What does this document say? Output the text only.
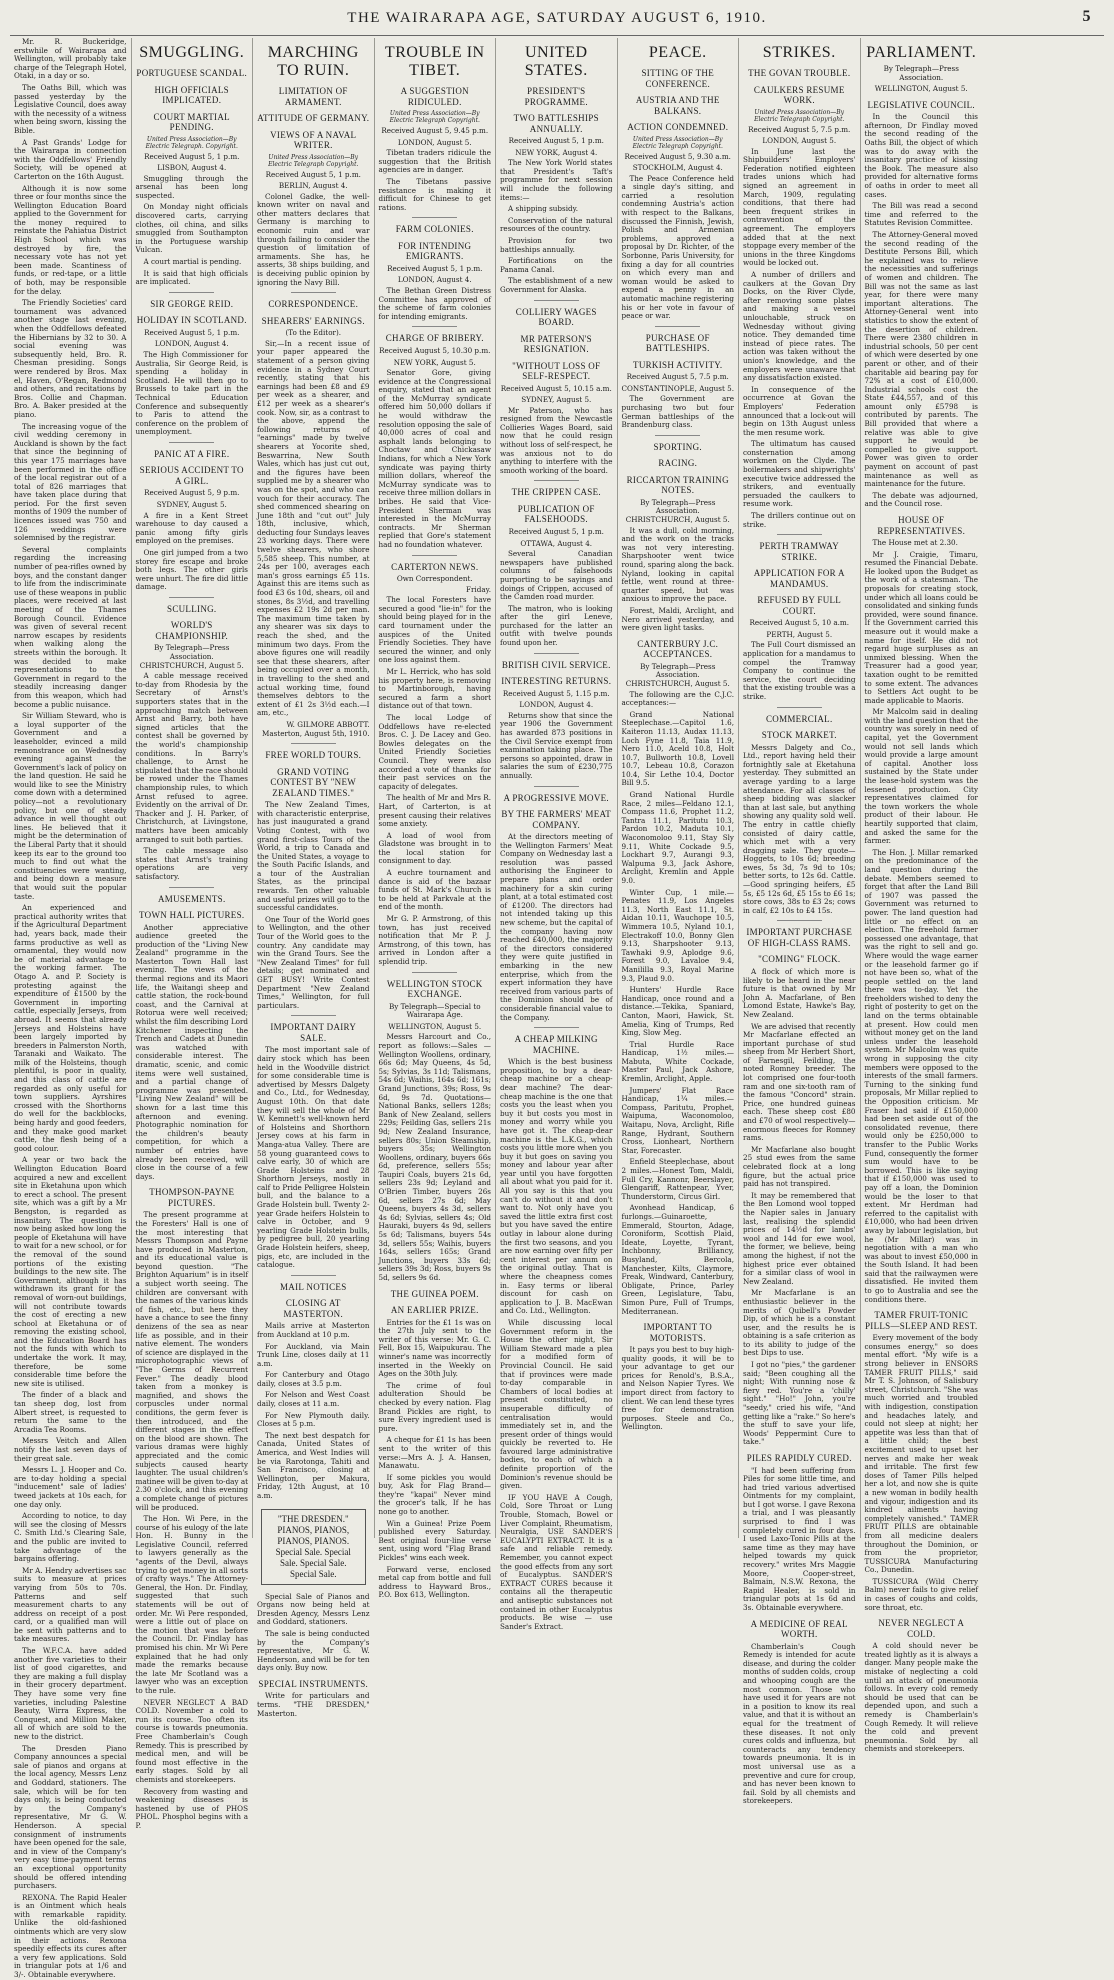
THE WAIRARAPA AGE, SATURDAY AUGUST 6, 1910.	5
Mr. R. Buckeridge, erstwhile of Wairarapa and Wellington, will probably take charge of the Telegraph Hotel, Otaki, in a day or so.
The Oaths Bill, which was passed yesterday by the Legislative Council, does away with the necessity of a witness when being sworn, kissing the Bible.
A Past Grands' Lodge for the Wairarapa in connection with the Oddfellows' Friendly Society, will be opened at Carterton on the 16th August.
Although it is now some three or four months since the Wellington Education Board applied to the Government for the money required to reinstate the Pahiatua District High School which was destroyed by fire, the necessary vote has not yet been made. Scantiness of funds, or red-tape, or a little of both, may be responsible for the delay.
The Friendly Societies' card tournament was advanced another stage last evening, when the Oddfellows defeated the Hibernians by 32 to 30. A social evening was subsequently held, Bro. R. Chesman presiding. Songs were rendered by Bros. Max el, Haven, O'Regan, Redmond and others, and recitations by Bros. Collie and Chapman. Bro. A. Baker presided at the piano.
The increasing vogue of the civil wedding ceremony in Auckland is shown by the fact that since the beginning of this year 175 marriages have been performed in the office of the local registrar out of a total of 826 marriages that have taken place during that period. For the first seven months of 1909 the number of licences issued was 750 and 126 weddings were solemnised by the registrar.
Several complaints regarding the increasing number of pea-rifles owned by boys, and the constant danger to life from the indiscriminate use of these weapons in public places, were received at last meeting of the Thames Borough Council. Evidence was given of several recent narrow escapes by residents when walking along the streets within the borough. It was decided to make representations to the Government in regard to the steadily increasing danger from this weapon, which had become a public nuisance.
Sir William Steward, who is a loyal supporter of the Government and a leaseholder, evinced a mild remonstrance on Wednesday evening against the Government's lack of policy on the land question. He said he would like to see the Ministry come down with a determined policy—not a revolutionary policy, but one of steady advance in well thought out lines. He believed that it might be the determination of the Liberal Party that it should keep its ear to the ground too much to find out what the constituencies were wanting, and being down a measure that would suit the popular taste.
An experienced and practical authority writes that if the Agricultural Department had, years back, made their farms productive as well as ornamental, they would now be of material advantage to the working farmer. The Otago A. and P. Society is protesting against the expenditure of £1500 by the Government in importing cattle, especially Jerseys, from abroad. It seems that already Jerseys and Holsteins have been largely imported by breeders in Palmerston North, Taranaki and Waikato. The milk of the Holsteins, though plentiful, is poor in quality, and this class of cattle are regarded as only useful for town suppliers. Ayrshires crossed with the Shorthorns do well for the backblocks, being hardy and good feeders, and they make good market cattle, the flesh being of a good colour.
A year or two back the Wellington Education Board acquired a new and excellent site in Eketahuna upon which to erect a school. The present site, which was a gift by a Mr Bengston, is regarded as insanitary. The question is now being asked how long the people of Eketahuna will have to wait for a new school, or for the removal of the sound portions of the existing buildings to the new site. The Government, although it has withdrawn its grant for the removal of worn-out buildings, will not contribute towards the cost of erecting a new school at Eketahuna or of removing the existing school, and the Education Board has not the funds with which to undertake the work. It may, therefore, be some considerable time before the new site is utilised.
The finder of a black and tan sheep dog, lost from Albert street, is requested to return the same to the Arcadia Tea Rooms.
Messrs Veitch and Allen notify the last seven days of their great sale.
Messrs L. J. Hooper and Co. are to-day holding a special "inducement" sale of ladies' tweed jackets at 10s each, for one day only.
According to notice, to day will see the closing of Messrs C. Smith Ltd.'s Clearing Sale, and the public are invited to take advantage of the bargains offering.
Mr A. Hendry advertises sac suits to measure at prices varying from 50s to 70s. Patterns and self measurement charts to any address on receipt of a post card, or a qualified man will be sent with patterns and to take measures.
The W.F.C.A. have added another five varieties to their list of good cigarettes, and they are making a full display in their grocery department. They have some very fine varieties, including Palestine Beauty, Wirra Express, the Conquest, and Million Maker, all of which are sold to the new to the district.
The Dresden Piano Company announces a special sale of pianos and organs at the local agency, Messrs Lenz and Goddard, stationers. The sale, which will be for ten days only, is being conducted by the Company's representative, Mr G. W. Henderson. A special consignment of instruments have been opened for the sale, and in view of the Company's very easy time-payment terms an exceptional opportunity should be offered intending purchasers.
REXONA. The Rapid Healer is an Ointment which heals with remarkable rapidity. Unlike the old-fashioned ointments which are very slow in their actions. Rexona speedily effects its cures after a very few applications. Sold in triangular pots at 1/6 and 3/-. Obtainable everywhere.
SMUGGLING.
PORTUGUESE SCANDAL.
HIGH OFFICIALS IMPLICATED.
COURT MARTIAL PENDING.
United Press Association—By Electric Telegraph. Copyright.
Received August 5, 1 p.m.
LISBON, August 4.
Smuggling through the arsenal has been long suspected.
On Monday night officials discovered carts, carrying clothes, oil china, and silks smuggled from Southampton in the Portuguese warship Vulcan.
A court martial is pending.
It is said that high officials are implicated.
SIR GEORGE REID.
HOLIDAY IN SCOTLAND.
Received August 5, 1 p.m.
LONDON, August 4.
The High Commissioner for Australia, Sir George Reid, is spending a holiday in Scotland. He will then go to Brussels to take part in the Technical Education Conference and subsequently to Paris to attend the conference on the problem of unemployment.
PANIC AT A FIRE.
SERIOUS ACCIDENT TO A GIRL.
Received August 5, 9 p.m.
SYDNEY, August 5.
A fire in a Kent Street warehouse to day caused a panic among fifty girls employed on the premises.
One girl jumped from a two storey fire escape and broke both legs. The other girls were unhurt. The fire did little damage.
SCULLING.
WORLD'S CHAMPIONSHIP.
By Telegraph—Press Association. CHRISTCHURCH, August 5.
A cable message received to-day from Rhodesia by the Secretary of Arnst's supporters states that in the approaching match between Arnst and Barry, both have signed articles that the contest shall be governed by the world's championship conditions. In Barry's challenge, to Arnst he stipulated that the race should be rowed under the Thames championship rules, to which Arnst refused to agree. Evidently on the arrival of Dr. Thacker and J. H. Parker, of Christchurch, at Livingstone, matters have been amicably arranged to suit both parties.
The cable message also states that Arnst's training operations are very satisfactory.
AMUSEMENTS.
TOWN HALL PICTURES.
Another appreciative audience greeted the production of the "Living New Zealand" programme in the Masterton Town Hall last evening. The views of the thermal regions and its Maori life, the Waitangi sheep and cattle station, the rock-bound coast, and the Carnival at Rotorua were well received; whilst the film describing Lord Kitchener inspecting the Trench and Cadets at Dunedin was watched with considerable interest. The dramatic, scenic, and comic items were well sustained, and a partial change of programme was presented. "Living New Zealand" will be shown for a last time this afternoon and evening. Photographic nomination for the children's beauty competition, for which a number of entries have already been received, will close in the course of a few days.
THOMPSON-PAYNE PICTURES.
The present programme at the Foresters' Hall is one of the most interesting that Messrs Thompson and Payne have produced in Masterton, and its educational value is beyond question. "The Brighton Aquarium" is in itself a subject worth seeing. The children are conversant with the names of the various kinds of fish, etc., but here they have a chance to see the finny denizens of the sea as near life as possible, and in their native element. The wonders of science are displayed in the microphotographic views of "The Germs of Recurrent Fever." The deadly blood taken from a monkey is magnified, and shows the corpuscles under normal conditions, the germ fever is then introduced, and the different stages in the effect on the blood are shown. The various dramas were highly appreciated and the comic subjects caused hearty laughter. The usual children's matinee will be given to-day at 2.30 o'clock, and this evening a complete change of pictures will be produced.
The Hon. Wi Pere, in the course of his eulogy of the late Hon. H. Bunny in the Legislative Council, referred to lawyers generally as the "agents of the Devil, always trying to get money in all sorts of crafty ways." The Attorney-General, the Hon. Dr. Findlay, suggested that such statements will be out of order. Mr. Wi Pere responded, were a little out of place on the motion that was before the Council. Dr. Findlay has promised his chin. Mr Wi Pere explained that he had only made the remarks because the late Mr Scotland was a lawyer who was an exception to the rule.
NEVER NEGLECT A BAD COLD. November a cold to run its course. Too often its course is towards pneumonia. Free Chamberlain's Cough Remedy. This is prescribed by medical men, and will be found most effective in the early stages. Sold by all chemists and storekeepers.
Recovery from wasting and weakening diseases is hastened by use of PHOS PHOL. Phosphol begins with a P.
MARCHING TO RUIN.
LIMITATION OF ARMAMENT.
ATTITUDE OF GERMANY.
VIEWS OF A NAVAL WRITER.
United Press Association—By Electric Telegraph Copyright.
Received August 5, 1 p.m.
BERLIN, August 4.
Colonel Gadke, the well-known writer on naval and other matters declares that Germany is marching to economic ruin and war through failing to consider the question of limitation of armaments. She has, he asserts, 38 ships building, and is deceiving public opinion by ignoring the Navy Bill.
CORRESPONDENCE.
SHEARERS' EARNINGS.
(To the Editor).
Sir,—In a recent issue of your paper appeared the statement of a person giving evidence in a Sydney Court recently, stating that his earnings had been £8 and £9 per week as a shearer, and £12 per week as a shearer's cook. Now, sir, as a contrast to the above, append the following returns of "earnings" made by twelve shearers at Yocorite shed, Beswarrina, New South Wales, which has just cut out, and the figures have been supplied me by a shearer who was on the spot, and who can vouch for their accuracy. The shed commenced shearing on June 18th and "cut out" July 18th, inclusive, which, deducting four Sundays leaves 23 working days. There were twelve shearers, who shore 5,585 sheep. This number, at 24s per 100, averages each man's gross earnings £5 11s. Against this are items such as food £3 6s 10d, shears, oil and stones, 8s 3½d, and travelling expenses £2 19s 2d per man. The maximum time taken by any shearer was six days to reach the shed, and the minimum two days. From the above figures one will readily see that these shearers, after being occupied over a month, in travelling to the shed and actual working time, found themselves debtors to the extent of £1 2s 3½d each.—I am, etc.,
W. GILMORE ABBOTT. Masterton, August 5th, 1910.
FREE WORLD TOURS.
GRAND VOTING CONTEST BY "NEW ZEALAND TIMES."
The New Zealand Times, with characteristic enterprise, has just inaugurated a grand Voting Contest, with two grand first-class Tours of the World, a trip to Canada and the United States, a voyage to the South Pacific Islands, and a tour of the Australian States, as the principal rewards. Ten other valuable and useful prizes will go to the successful candidates.
One Tour of the World goes to Wellington, and the other Tour of the World goes to the country. Any candidate may win the Grand Tours. See the "New Zealand Times" for full details; get nominated and GET BUSY! Write Contest Department "New Zealand Times," Wellington, for full particulars.
IMPORTANT DAIRY SALE.
The most important sale of dairy stock which has been held in the Woodville district for some considerable time is advertised by Messrs Dalgety and Co., Ltd., for Wednesday, August 10th. On that date they will sell the whole of Mr W. Kemnett's well-known herd of Holsteins and Shorthorn Jersey cows at his farm in Manga-atua Valley. There are 58 young guaranteed cows to calve early, 30 of which are Grade Holsteins and 28 Shorthorn Jerseys, mostly in calf to Pride Pelligree Holstein bull, and the balance to a Grade Holstein bull. Twenty 2-year Grade heifers Holstein to calve in October, and 9 yearling Grade Holstein bulls, by pedigree bull, 20 yearling Grade Holstein heifers, sheep, pigs, etc, are included in the catalogue.
MAIL NOTICES
CLOSING AT MASTERTON.
Mails arrive at Masterton from Auckland at 10 p.m.
For Auckland, via Main Trunk Line, closes daily at 11 a.m.
For Canterbury and Otago daily, closes at 3.5 p.m.
For Nelson and West Coast daily, closes at 11 a.m.
For New Plymouth daily. Closes at 5 p.m.
The next best despatch for Canada, United States of America, and West Indies will be via Rarotonga, Tahiti and San Francisco, closing at Wellington, per Makura, Friday, 12th August, at 10 a.m.
"THE DRESDEN." PIANOS, PIANOS, PIANOS, PIANOS. Special Sale. Special Sale. Special Sale. Special Sale.
Special Sale of Pianos and Organs now being held at Dresden Agency, Messrs Lenz and Goddard, stationers.
The sale is being conducted by the Company's representative, Mr G. W. Henderson, and will be for ten days only. Buy now.
SPECIAL INSTRUMENTS.
Write for particulars and terms. "THE DRESDEN," Masterton.
TROUBLE IN TIBET.
A SUGGESTION RIDICULED.
United Press Association—By Electric Telegraph Copyright.
Received August 5, 9.45 p.m.
LONDON, August 5.
Tibetan traders ridicule the suggestion that the British agencies are in danger.
The Tibetans passive resistance is making it difficult for Chinese to get rations.
FARM COLONIES.
FOR INTENDING EMIGRANTS.
Received August 5, 1 p.m.
LONDON, August 4.
The Bethan Green Distress Committee has approved of the scheme of farm colonies for intending emigrants.
CHARGE OF BRIBERY.
Received August 5, 10.30 p.m.
NEW YORK, August 5.
Senator Gore, giving evidence at the Congressional enquiry, stated that an agent of the McMurray syndicate offered him 50,000 dollars if he would withdraw the resolution opposing the sale of 40,000 acres of coal and asphalt lands belonging to Choctaw and Chickasaw Indians, for which a New York syndicate was paying thirty million dollars, whereof the McMurray syndicate was to receive three million dollars in bribes. He said that Vice-President Sherman was interested in the McMurray contracts. Mr Sherman replied that Gore's statement had no foundation whatever.
CARTERTON NEWS.
Own Correspondent.
Friday.
The local Foresters have secured a good "lie-in" for the should being played for in the card tournament under the auspices of the United Friendly Societies. They have secured the winner, and only one loss against them.
Mr L. Herrick, who has sold his property here, is removing to Martinborough, having secured a farm a short distance out of that town.
The local Lodge of Oddfellows have re-elected Bros. C. J. De Lacey and Geo. Bowles delegates on the United Friendly Societies Council. They were also accorded a vote of thanks for their past services on the capacity of delegates.
The health of Mr and Mrs R. Hart, of Carterton, is at present causing their relatives some anxiety.
A load of wool from Gladstone was brought in to the local station for consignment to day.
A euchre tournament and dance is aid of the bazaar funds of St. Mark's Church is to be held at Parkvale at the end of the month.
Mr G. P. Armstrong, of this town, has just received notification that Mr P. J. Armstrong, of this town, has arrived in London after a splendid trip.
WELLINGTON STOCK EXCHANGE.
By Telegraph—Special to Wairarapa Age.
WELLINGTON, August 5.
Messrs Harcourt and Co., report as follows:—Sales — Wellington Woollens, ordinary, 66s 6d; May Queens, 4s 5d, 5s; Sylvias, 3s 11d; Talismans, 54s 6d; Waihis, 164s 6d; 161s; Grand Junctions, 39s; Ross, 9s 6d, 9s 7d. Quotations—National Banks, sellers 128s; Bank of New Zealand, sellers 229s; Feilding Gas, sellers 21s 9d; New Zealand Insurance, sellers 80s; Union Steamship, buyers 35s; Wellington Woollens, ordinary, buyers 66s 6d, preference, sellers 55s; Taupiri Coals, buyers 21s 6d, sellers 23s 9d; Leyland and O'Brien Timber, buyers 26s 6d, sellers 27s 6d; May Queens, buyers 4s 3d, sellers 4s 6d; Sylvias, sellers 4s; Old Hauraki, buyers 4s 9d, sellers 5s 6d; Talismans, buyers 54s 3d, sellers 55s; Waihis, buyers 164s, sellers 165s; Grand Junctions, buyers 33s 6d; sellers 39s 3d; Ross, buyers 9s 5d, sellers 9s 6d.
THE GUINEA POEM.
AN EARLIER PRIZE.
Entries for the £1 1s was on the 27th July sent to the writer of this verse: Mr. G. C. Fell, Box 15, Waipukurau. The winner's name was incorrectly inserted in the Weekly on Ages on the 30th July.
The crime of foul adulteration Should be checked by every nation. Flag Brand Pickles are right, to sure Every ingredient used is pure.
A cheque for £1 1s has been sent to the writer of this verse:—Mrs A. J. A. Hansen, Manawatu.
If some pickles you would buy, Ask for Flag Brand—they're "kapai" Never mind the grocer's talk, If he has none go to another.
Win a Guinea! Prize Poem published every Saturday. Best original four-line verse sent, using word "Flag Brand Pickles" wins each week.
Forward verse, enclosed metal cap from bottle and full address to Hayward Bros., P.O. Box 613, Wellington.
UNITED STATES.
PRESIDENT'S PROGRAMME.
TWO BATTLESHIPS ANNUALLY.
Received August 5, 1 p.m.
NEW YORK, August 4.
The New York World states that President's Taft's programme for next session will include the following items:—
A shipping subsidy.
Conservation of the natural resources of the country.
Provision for two battleships annually.
Fortifications on the Panama Canal.
The establishment of a new Government for Alaska.
COLLIERY WAGES BOARD.
MR PATERSON'S RESIGNATION.
"WITHOUT LOSS OF SELF-RESPECT.
Received August 5, 10.15 a.m.
SYDNEY, August 5.
Mr Paterson, who has resigned from the Newcastle Collieries Wages Board, said now that he could resign without loss of self-respect, he was anxious not to do anything to interfere with the smooth working of the board.
THE CRIPPEN CASE.
PUBLICATION OF FALSEHOODS.
Received August 5, 1 p.m.
OTTAWA, August 4.
Several Canadian newspapers have published columns of falsehoods purporting to be sayings and doings of Crippen, accused of the Camden road murder.
The matron, who is looking after the girl Leneve, purchased for the latter an outfit with twelve pounds found upon her.
BRITISH CIVIL SERVICE.
INTERESTING RETURNS.
Received August 5, 1.15 p.m.
LONDON, August 4.
Returns show that since the year 1906 the Government has awarded 873 positions in the Civil Service exempt from examination taking place. The persons so appointed, draw in salaries the sum of £230,775 annually.
A PROGRESSIVE MOVE.
BY THE FARMERS' MEAT COMPANY.
At the directors meeting of the Wellington Farmers' Meat Company on Wednesday last a resolution was passed authorising the Engineer to prepare plans and order machinery for a skin curing plant, at a total estimated cost of £1200. The directors had not intended taking up this new scheme, but the capital of the company having now reached £40,000, the majority of the directors considered they were quite justified in embarking in the new enterprise, which from the expert information they have received from various parts of the Dominion should be of considerable financial value to the Company.
A CHEAP MILKING MACHINE.
Which is the best business proposition, to buy a dear-cheap machine or a cheap-dear machine? The dear-cheap machine is the one that costs you the least when you buy it but costs you most in money and worry while you have got it. The cheap-dear machine is the L.K.G., which costs you little more when you buy it but goes on saving you money and labour year after year until you have forgotten all about what you paid for it. All you say is this that you can't do without it and don't want to. Not only have you saved the little extra first cost but you have saved the entire outlay in labour alone during the first two seasons, and you are now earning over fifty per cent interest per annum on the original outlay. That is where the cheapness comes in. Easy terms or liberal discount for cash on application to J. B. MacEwan and Co. Ltd., Wellington.
While discussing local Government reform in the House the other night, Sir William Steward made a plea for a modified form of Provincial Council. He said that if provinces were made to-day comparable in Chambers of local bodies at present constituted, no insuperable difficulty of centralisation would immediately set in, and the present order of things would quickly be reverted to. He favoured large administrative bodies, to each of which a definite proportion of the Dominion's revenue should be given.
IF YOU HAVE A Cough, Cold, Sore Throat or Lung Trouble, Stomach, Bowel or Liver Complaint, Rheumatism, Neuralgia, USE SANDER'S EUCALYPTI EXTRACT. It is a safe and reliable remedy. Remember, you cannot expect the good effects from any sort of Eucalyptus. SANDER'S EXTRACT CURES because it contains all the therapeutic and antiseptic substances not contained in other Eucalyptus products. Be wise — use Sander's Extract.
PEACE.
SITTING OF THE CONFERENCE.
AUSTRIA AND THE BALKANS.
ACTION CONDEMNED.
United Press Association—By Electric Telegraph Copyright.
Received August 5, 9.30 a.m.
STOCKHOLM, August 4.
The Peace Conference held a single day's sitting, and carried a resolution condemning Austria's action with respect to the Balkans, discussed the Finnish, Jewish, Polish and Armenian problems, approved a proposal by Dr. Richter, of the Sorbonne, Paris University, for fixing a day for all countries on which every man and woman would be asked to expend a penny in an automatic machine registering his or her vote in favour of peace or war.
PURCHASE OF BATTLESHIPS.
TURKISH ACTIVITY.
Received August 5, 7.5 p.m.
CONSTANTINOPLE, August 5.
The Government are purchasing two but four German battleships of the Brandenburg class.
SPORTING.
RACING.
RICCARTON TRAINING NOTES.
By Telegraph—Press Association. CHRISTCHURCH, August 5.
It was a dull, cold morning, and the work on the tracks was not very interesting. Sharpshooter went twice round, sparing along the back. Nyland, looking in capital fettle, went round at three-quarter speed, but was anxious to improve the pace.
Forest, Maldi, Arclight, and Nero arrived yesterday, and were given light tasks.
CANTERBURY J.C. ACCEPTANCES.
By Telegraph—Press Association. CHRISTCHURCH, August 5.
The following are the C.J.C. acceptances:—
Grand National Steeplechase.—Capitol 1.6, Kaiteron 11.13, Audax 11.13, Loch Fyne 11.8, Taia 11.9, Nero 11.0, Aceld 10.8, Holt 10.7, Bullworth 10.8, Lovell 10.7, Lebeau 10.8, Corazon 10.4, Sir Lethe 10.4, Doctor Bill 9.5.
Grand National Hurdle Race, 2 miles—Feldano 12.1, Compass 11.6, Prophet 11.2, Tantra 11.1, Paritutu 10.3, Pardon 10.2, Maduta 10.1, Waconomoloo 9.11, Stay Sly 9.11, White Cockade 9.5, Lockhart 9.7, Aurangi 9.3, Walpuma 9.3, Jack Ashore, Arclight, Kremlin and Apple 9.0.
Winter Cup, 1 mile.—Penates 11.9, Los Angeles 11.3, North East 11.1, St. Aidan 10.11, Wauchope 10.5, Wimmera 10.5, Nyland 10.1, Electrakoff 10.0, Bonny Glen 9.13, Sharpshooter 9.13, Tawhaki 9.9, Aplodge 9.6, Forest 9.0, Lavaloe 9.4, Manililla 9.3, Royal Marine 9.3, Plaud 9.0.
Hunters' Hurdle Race Handicap, once round and a distance.—Tekika, Spaniard, Canton, Maori, Hawick, St. Amelia, King of Trumps, Red King, Slow Meg.
Trial Hurdle Race Handicap, 1½ miles.—Mabuta, White Cockade, Master Paul, Jack Ashore, Kremlin, Arclight, Apple.
Jumpers' Flat Race Handicap, 1¼ miles.—Compass, Paritutu, Prophet, Waipuma, Waconomoloo, Waitapu, Nova, Arclight, Rifle Range, Hydrant, Southern Cross, Lionheart, Northern Star, Forecaster.
Enfield Steeplechase, about 2 miles.—Honest Tom, Maldi, Full Cry, Kannonr, Beerslayer, Glengariff, Rattenpear, Yver, Thunderstorm, Circus Girl.
Avonhead Handicap, 6 furlongs.—Guinaroette, Emmerald, Stourton, Adage, Coroniform, Scottish Plaid, Ideate, Loyette, Tyrant, Inchbonny, Brilliancy, Busyland, Bercola, Manchester, Kilts, Claymore, Freak, Windward, Canterbury, Obligate, Prince, Parley Green, Legislature, Tabu, Simon Pure, Full of Trumps, Mediterranean.
IMPORTANT TO MOTORISTS.
It pays you best to buy high-quality goods, it will be to your advantage to get our prices for Renold's, B.S.A., and Nelson Napier Tyres. We import direct from factory to client. We can lend these tyres free for demonstration purposes. Steele and Co., Wellington.
STRIKES.
THE GOVAN TROUBLE.
CAULKERS RESUME WORK.
United Press Association—By Electric Telegraph Copyright.
Received August 5, 7.5 p.m.
LONDON, August 5.
In June last the Shipbuilders' Employers' Federation notified eighteen trades unions which had signed an agreement in March, 1909, regulating conditions, that there had been frequent strikes in contravention of the agreement. The employers added that at the next stoppage every member of the unions in the three Kingdoms would be locked out.
A number of drillers and caulkers at the Govan Dry Docks, on the River Clyde, after removing some plates and making a vessel unlouchable, struck on Wednesday without giving notice. They demanded time instead of piece rates. The action was taken without the union's knowledge, and the employers were unaware that any dissatisfaction existed.
In consequence of the occurrence at Govan the Employers' Federation announced that a lock-out will begin on 13th August unless the men resume work.
The ultimatum has caused consternation among workmen on the Clyde. The boilermakers and shipwrights' executive twice addressed the strikers, and eventually persuaded the caulkers to resume work.
The drillers continue out on strike.
PERTH TRAMWAY STRIKE.
APPLICATION FOR A MANDAMUS.
REFUSED BY FULL COURT.
Received August 5, 10 a.m.
PERTH, August 5.
The Full Court dismissed an application for a mandamus to compel the Tramway Company to continue the service, the court deciding that the existing trouble was a strike.
COMMERCIAL.
STOCK MARKET.
Messrs Dalgety and Co., Ltd., report having held their fortnightly sale at Eketahuna yesterday. They submitted an average yarding to a large attendance. For all classes of sheep bidding was slacker than at last sale, but anything showing any quality sold well. The entry in cattle chiefly consisted of dairy cattle, which met with a very dragging sale. They quote—Hoggets, to 10s 6d; breeding ewes, 5s 3d, 7s 9d to 10s; better sorts, to 12s 6d. Cattle.—Good springing heifers, £5 5s, £5 12s 6d, £5 15s to £6 1s; store cows, 38s to £3 2s; cows in calf, £2 10s to £4 15s.
IMPORTANT PURCHASE OF HIGH-CLASS RAMS.
"COMING" FLOCK.
A flock of which more is likely to be heard in the near future is that owned by Mr John A. Macfarlane, of Ben Lomond Estate, Hawke's Bay, New Zealand.
We are advised that recently Mr Macfarlane effected an important purchase of stud sheep from Mr Herbert Short, of Farnesgil, Feilding, the noted Romney breeder. The lot comprised one four-tooth ram and one six-tooth ram of the famous "Concord" strain. Price, one hundred guineas each. These sheep cost £80 and £70 of wool respectively—enormous fleeces for Romney rams.
Mr Macfarlane also bought 25 stud ewes from the same celebrated flock at a long figure, but the actual price paid has not transpired.
It may be remembered that the Ben Lomond wool topped the Napier sales in January last, realising the splendid prices of 14½d for lambs' wool and 14d for ewe wool, the former, we believe, being among the highest, if not the highest price ever obtained for a similar class of wool in New Zealand.
Mr Macfarlane is an enthusiastic believer in the merits of Quibell's Powder Dip, of which he is a constant user, and the results he is obtaining is a safe criterion as to its ability to judge of the best Dips to use.
I got no "pies," the gardener said; "Been coughing all the night; With running nose & fiery red. You're a 'chilly' sight." "Ho!" John, you're "seedy," cried his wife, "And getting like a "rake." So here's the stuff to save your life, Woods' Peppermint Cure to take."
PILES RAPIDLY CURED.
"I had been suffering from Piles for some little time, and had tried various advertised Ointments for my complaint, but I got worse. I gave Rexona a trial, and I was pleasantly surprised to find I was completely cured in four days. I used Laxo-Tonic Pills at the same time as they may have helped towards my quick recovery." writes Mrs Maggie Moore, Cooper-street, Balmain, N.S.W. Rexona, the Rapid Healer, is sold in triangular pots at 1s 6d and 3s. Obtainable everywhere.
A MEDICINE OF REAL WORTH.
Chamberlain's Cough Remedy is intended for acute disease, and during the colder months of sudden colds, croup and whooping cough are the most common. Those who have used it for years are not in a position to know its real value, and that it is without an equal for the treatment of these diseases. It not only cures colds and influenza, but counteracts any tendency towards pneumonia. It is in most universal use as a preventive and cure for croup, and has never been known to fail. Sold by all chemists and storekeepers.
PARLIAMENT.
By Telegraph—Press Association.
WELLINGTON, August 5.
LEGISLATIVE COUNCIL.
In the Council this afternoon, Dr Findlay moved the second reading of the Oaths Bill, the object of which was to do away with the insanitary practice of kissing the Book. The measure also provided for alternative forms of oaths in order to meet all cases.
The Bill was read a second time and referred to the Statutes Revision Committee.
The Attorney-General moved the second reading of the Destitute Persons Bill, which he explained was to relieve the necessities and sufferings of women and children. The Bill was not the same as last year, for there were many important alterations. The Attorney-General went into statistics to show the extent of the desertion of children. There were 2380 children in industrial schools, 50 per cent of which were deserted by one parent or other, and of their charitable aid bearing pay for 72% at a cost of £10,000. Industrial schools cost the State £44,557, and of this amount only £5798 is contributed by parents. The Bill provided that where a relative was able to give support he would be compelled to give support. Power was given to order payment on account of past maintenance as well as maintenance for the future.
The debate was adjourned, and the Council rose.
HOUSE OF REPRESENTATIVES.
The House met at 2.30.
Mr J. Craigie, Timaru, resumed the Financial Debate. He looked upon the Budget as the work of a statesman. The proposals for creating stock, under which all loans could be consolidated and sinking funds provided, were sound finance. If the Government carried this measure out it would make a name for itself. He did not regard huge surpluses as an unmixed blessing. When the Treasurer had a good year, taxation ought to be remitted to some extent. The advances to Settlers Act ought to be made applicable to Maoris.
Mr Malcolm said in dealing with the land question that the country was sorely in need of capital, yet the Government would not sell lands which would provide a large amount of capital. Another loss sustained by the State under the lease-hold system was the lessened production. City representatives claimed for the town workers the whole product of their labour. He heartily supported that claim, and asked the same for the farmer.
The Hon. J. Millar remarked on the predominance of the land question during the debate. Members seemed to forget that after the Land Bill of 1907 was passed the Government was returned to power. The land question had little or no effect on an election. The freehold farmer possessed one advantage, that was the right to sell and go. Where would the wage earner or the leasehold farmer go if not have been so, what of the people settled on the land there was to-day. Yet the freeholders wished to deny the right of posterity to get on the land on the terms obtainable at present. How could men without money get on the land unless under the leasehold system. Mr Malcolm was quite wrong in supposing the city members were opposed to the interests of the small farmers. Turning to the sinking fund proposals, Mr Millar replied to the Opposition criticism. Mr Fraser had said if £150,000 had been set aside out of the consolidated revenue, there would only be £250,000 to transfer to the Public Works Fund, consequently the former sum would have to be borrowed. This is like saying that if £150,000 was used to pay off a loan, the Dominion would be the loser to that extent. Mr Herdman had referred to the capitalist with £10,000, who had been driven away by labour legislation, but he (Mr Millar) was in negotiation with a man who was about to invest £50,000 in the South Island. It had been said that the railwaymen were dissatisfied. He invited them to go to Australia and see the conditions there.
TAMER FRUIT-TONIC PILLS—SLEEP AND REST.
Every movement of the body consumes energy," so does mental effort. "My wife is a strong believer in ENSORS TAMER FRUIT PILLS," said Mr T. S. Johnson, of Salisbury street, Christchurch. "She was much worried and troubled with indigestion, constipation and headaches lately, and could not sleep at night; her appetite was less than that of a little child; the best excitement used to upset her nerves and make her weak and irritable. The first few doses of Tamer Pills helped her a lot, and now she is quite a new woman in bodily health and vigour, indigestion and its kindred ailments having completely vanished." TAMER FRUIT PILLS are obtainable from all medicine dealers throughout the Dominion, or from the proprietor, TUSSICURA Manufacturing Co., Dunedin.
TUSSICURA (Wild Cherry Balm) never fails to give relief in cases of coughs and colds, sore throat, etc.
NEVER NEGLECT A COLD.
A cold should never be treated lightly as it is always a danger. Many people make the mistake of neglecting a cold until an attack of pneumonia follows. In every cold remedy should be used that can be depended upon, and such a remedy is Chamberlain's Cough Remedy. It will relieve the cold and prevent pneumonia. Sold by all chemists and storekeepers.
